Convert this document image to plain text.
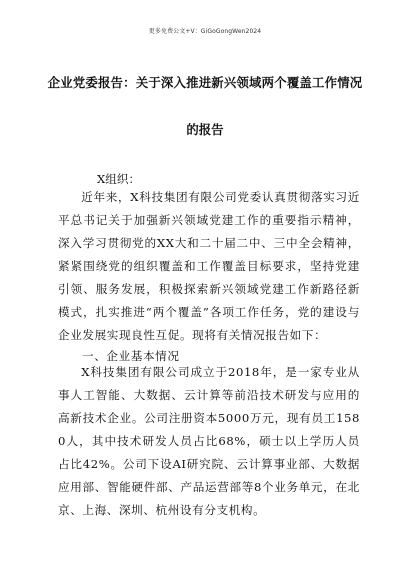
更多免费公文+V：GiGoGongWen2024
企业党委报告：关于深入推进新兴领域两个覆盖工作情况
的报告
X组织：

近年来，X科技集团有限公司党委认真贯彻落实习近平总书记关于加强新兴领域党建工作的重要指示精神，深入学习贯彻党的XX大和二十届二中、三中全会精神，紧紧围绕党的组织覆盖和工作覆盖目标要求，坚持党建引领、服务发展，积极探索新兴领域党建工作新路径新模式，扎实推进“两个覆盖”各项工作任务，党的建设与企业发展实现良性互促。现将有关情况报告如下：

一、企业基本情况

X科技集团有限公司成立于2018年，是一家专业从事人工智能、大数据、云计算等前沿技术研发与应用的高新技术企业。公司注册资本5000万元，现有员工1580人，其中技术研发人员占比68%，硕士以上学历人员占比42%。公司下设AI研究院、云计算事业部、大数据应用部、智能硬件部、产品运营部等8个业务单元，在北京、上海、深圳、杭州设有分支机构。
